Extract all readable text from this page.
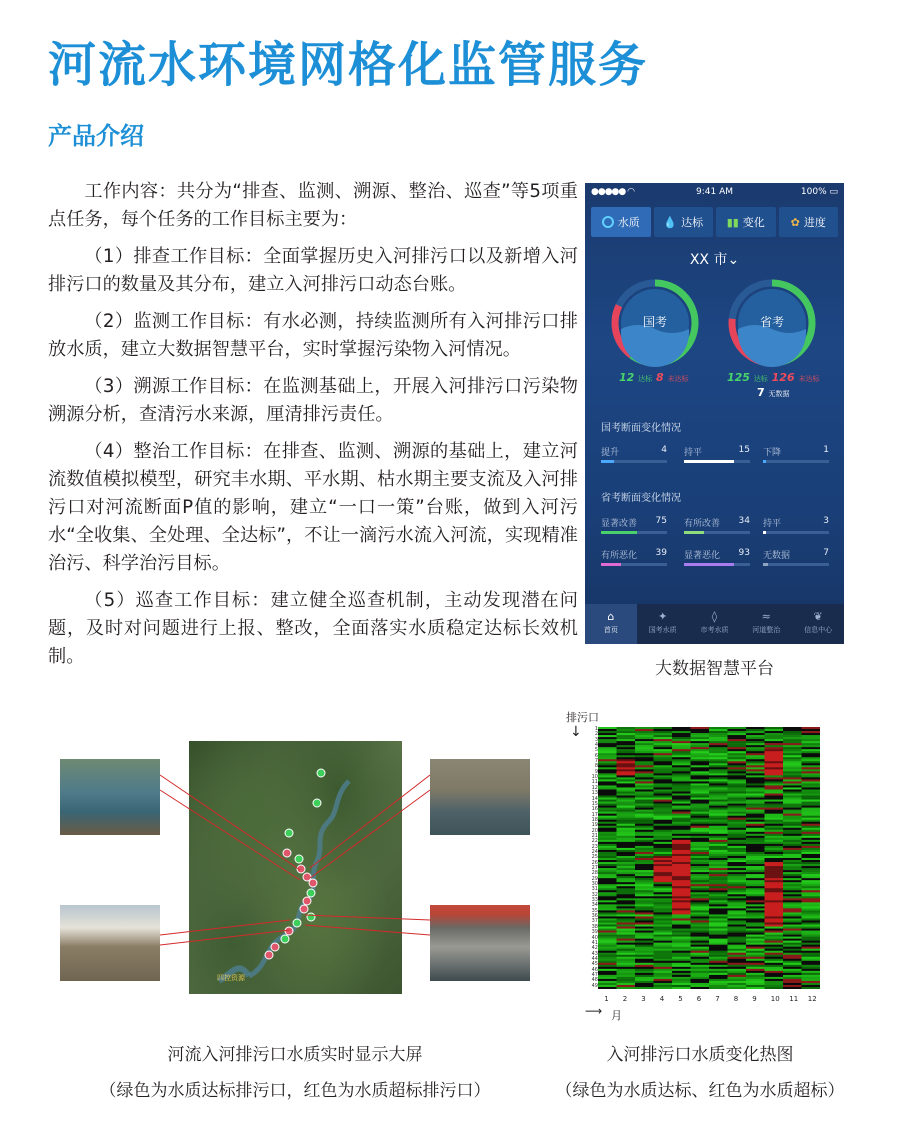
河流水环境网格化监管服务
产品介绍

工作内容：共分为“排查、监测、溯源、整治、巡查”等5项重点任务，每个任务的工作目标主要为：

（1）排查工作目标：全面掌握历史入河排污口以及新增入河排污口的数量及其分布，建立入河排污口动态台账。

（2）监测工作目标：有水必测，持续监测所有入河排污口排放水质，建立大数据智慧平台，实时掌握污染物入河情况。

（3）溯源工作目标：在监测基础上，开展入河排污口污染物溯源分析，查清污水来源，厘清排污责任。

（4）整治工作目标：在排查、监测、溯源的基础上，建立河流数值模拟模型，研究丰水期、平水期、枯水期主要支流及入河排污口对河流断面P值的影响，建立“一口一策”台账，做到入河污水“全收集、全处理、全达标”，不让一滴污水流入河流，实现精准治污、科学治污目标。

（5）巡查工作目标：建立健全巡查机制，主动发现潜在问题，及时对问题进行上报、整改，全面落实水质稳定达标长效机制。

●●●●● ◠	9:41 AM	100% ▭
水质 💧 达标 ▮▮ 变化 ✿ 进度
XX 市⌄
国考	省考
12 达标 8 未达标	125 达标 126 未达标
7 无数据
国考断面变化情况
提升	4 持平	15 下降	1
省考断面变化情况
显著改善 75 有所改善 34 持平	3
有所恶化 39 显著恶化 93 无数据	7
⌂
首页
✦
国考水质
◊
市考水质
≈
河道整治
❦
信息中心
大数据智慧平台
四控资源
河流入河排污口水质实时显示大屏
（绿色为水质达标排污口，红色为水质超标排污口）
排污口
↓	1
2
3
4
5
6
7
8
9
10
11
12
13
14
15
16
17
18
19
20
21
22
23
24
25
26
27
28
29
30
31
32
33
34
35
36
37
38
39
40
41
42
43
44
45
46
47
48
49
1 2 3 4 5 6 7 8 9 10 11 12
⟶ 月
入河排污口水质变化热图
（绿色为水质达标、红色为水质超标）
